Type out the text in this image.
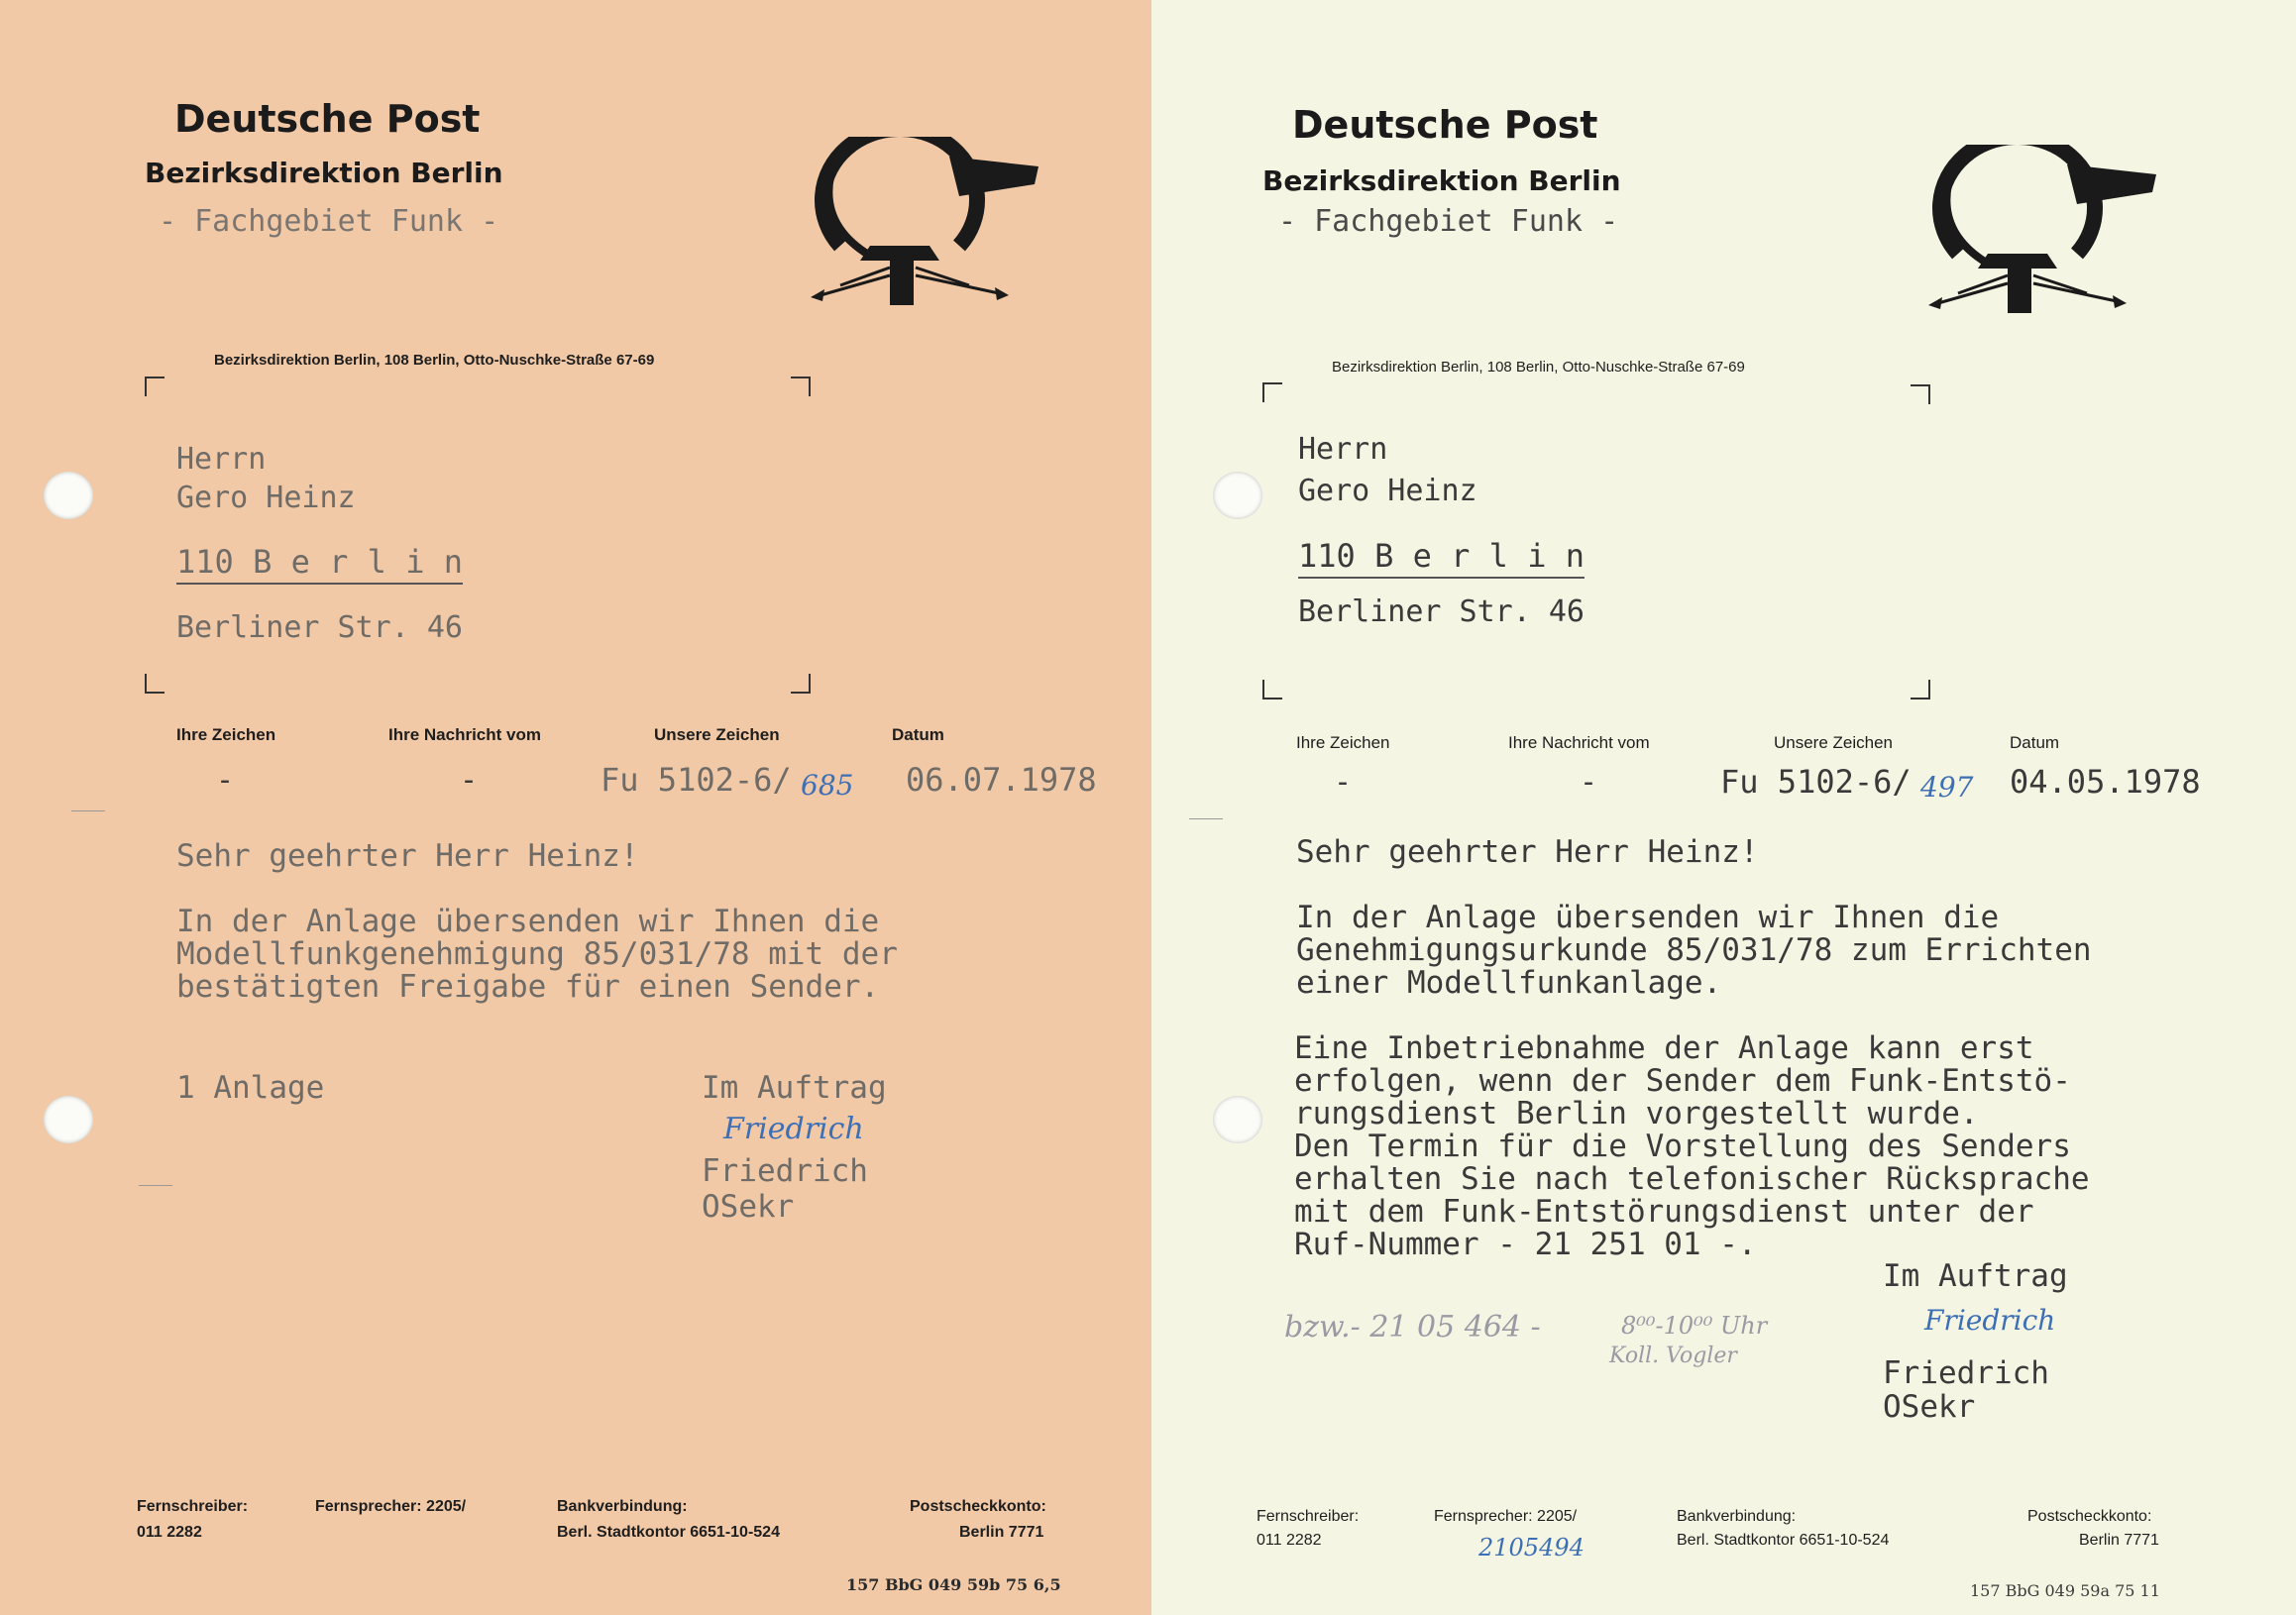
Deutsche Post
Bezirksdirektion Berlin
- Fachgebiet Funk -
Bezirksdirektion Berlin, 108 Berlin, Otto-Nuschke-Straße 67-69
Herrn
Gero Heinz
110 B e r l i n
Berliner Str. 46
Ihre Zeichen	Ihre Nachricht vom	Unsere Zeichen	Datum
-	-	Fu 5102-6/ 685 06.07.1978
Sehr geehrter Herr Heinz!

In der Anlage übersenden wir Ihnen die

Modellfunkgenehmigung 85/031/78 mit der

bestätigten Freigabe für einen Sender.

1 Anlage	Im Auftrag
Friedrich
Friedrich
OSekr
Fernschreiber:
011 2282
Fernsprecher: 2205/	Bankverbindung:
Berl. Stadtkontor 6651-10-524
Postscheckkonto:
Berlin 7771
157 BbG 049 59b 75 6,5
Deutsche Post
Bezirksdirektion Berlin
- Fachgebiet Funk -
Bezirksdirektion Berlin, 108 Berlin, Otto-Nuschke-Straße 67-69
Herrn
Gero Heinz
110 B e r l i n
Berliner Str. 46
Ihre Zeichen	Ihre Nachricht vom	Unsere Zeichen	Datum
-	-	Fu 5102-6/ 497 04.05.1978
Sehr geehrter Herr Heinz!

In der Anlage übersenden wir Ihnen die

Genehmigungsurkunde 85/031/78 zum Errichten

einer Modellfunkanlage.

Eine Inbetriebnahme der Anlage kann erst

erfolgen, wenn der Sender dem Funk-Entstö-

rungsdienst Berlin vorgestellt wurde.

Den Termin für die Vorstellung des Senders

erhalten Sie nach telefonischer Rücksprache

mit dem Funk-Entstörungsdienst unter der

Ruf-Nummer - 21 251 01 -.

Im Auftrag
Friedrich
Friedrich
OSekr
bzw.- 21 05 464 -	8⁰⁰-10⁰⁰ Uhr
Koll. Vogler
Fernschreiber:
011 2282
Fernsprecher: 2205/
2105494
Bankverbindung:
Berl. Stadtkontor 6651-10-524
Postscheckkonto:
Berlin 7771
157 BbG 049 59a 75 11
